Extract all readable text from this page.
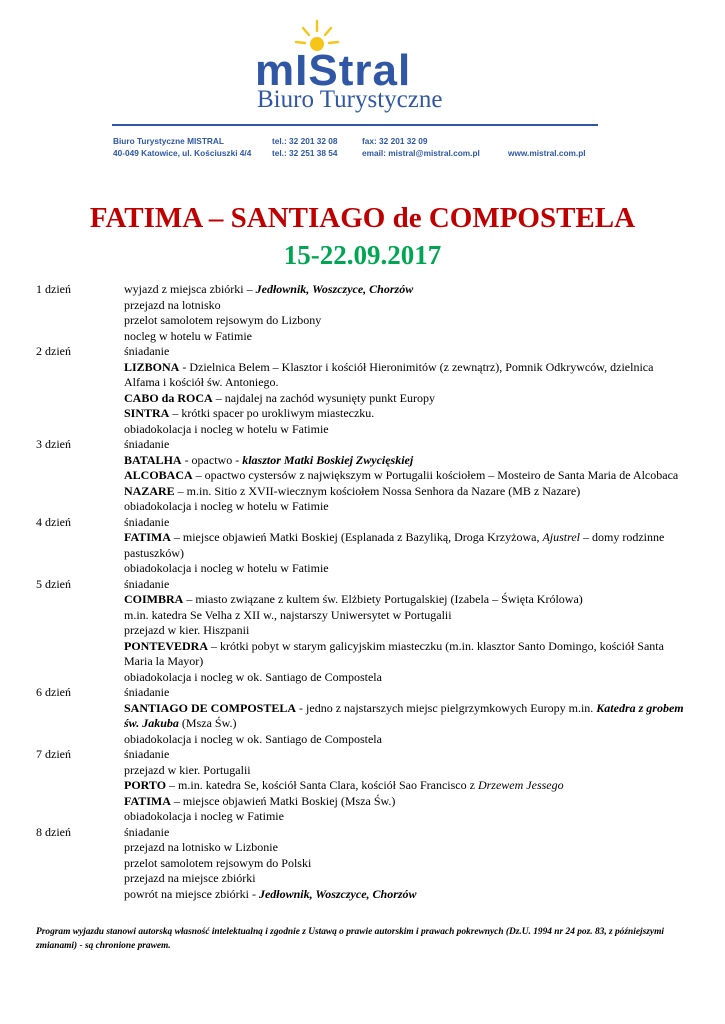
mIStral
Biuro Turystyczne
Biuro Turystyczne MISTRAL
40-049 Katowice, ul. Kościuszki 4/4
tel.: 32 201 32 08
tel.: 32 251 38 54
fax: 32 201 32 09
email: mistral@mistral.com.pl	www.mistral.com.pl
FATIMA – SANTIAGO de COMPOSTELA
15-22.09.2017
1 dzień	wyjazd z miejsca zbiórki – Jedłownik, Woszczyce, Chorzów
przejazd na lotnisko
przelot samolotem rejsowym do Lizbony
nocleg w hotelu w Fatimie
2 dzień	śniadanie
LIZBONA - Dzielnica Belem – Klasztor i kościół Hieronimitów (z zewnątrz), Pomnik Odkrywców, dzielnica Alfama i kościół św. Antoniego.
CABO da ROCA – najdalej na zachód wysunięty punkt Europy
SINTRA – krótki spacer po urokliwym miasteczku.
obiadokolacja i nocleg w hotelu w Fatimie
3 dzień	śniadanie
BATALHA - opactwo - klasztor Matki Boskiej Zwycięskiej
ALCOBACA – opactwo cystersów z największym w Portugalii kościołem – Mosteiro de Santa Maria de Alcobaca
NAZARE – m.in. Sitio z XVII-wiecznym kościołem Nossa Senhora da Nazare (MB z Nazare)
obiadokolacja i nocleg w hotelu w Fatimie
4 dzień	śniadanie
FATIMA – miejsce objawień Matki Boskiej (Esplanada z Bazyliką, Droga Krzyżowa, Ajustrel – domy rodzinne pastuszków)
obiadokolacja i nocleg w hotelu w Fatimie
5 dzień	śniadanie
COIMBRA – miasto związane z kultem św. Elżbiety Portugalskiej (Izabela – Święta Królowa)
m.in. katedra Se Velha z XII w., najstarszy Uniwersytet w Portugalii
przejazd w kier. Hiszpanii
PONTEVEDRA – krótki pobyt w starym galicyjskim miasteczku (m.in. klasztor Santo Domingo, kościół Santa Maria la Mayor)
obiadokolacja i nocleg w ok. Santiago de Compostela
6 dzień	śniadanie
SANTIAGO DE COMPOSTELA - jedno z najstarszych miejsc pielgrzymkowych Europy m.in. Katedra z grobem św. Jakuba (Msza Św.)
obiadokolacja i nocleg w ok. Santiago de Compostela
7 dzień	śniadanie
przejazd w kier. Portugalii
PORTO – m.in. katedra Se, kościół Santa Clara, kościół Sao Francisco z Drzewem Jessego
FATIMA – miejsce objawień Matki Boskiej (Msza Św.)
obiadokolacja i nocleg w Fatimie
8 dzień	śniadanie
przejazd na lotnisko w Lizbonie
przelot samolotem rejsowym do Polski
przejazd na miejsce zbiórki
powrót na miejsce zbiórki - Jedłownik, Woszczyce, Chorzów
Program wyjazdu stanowi autorską własność intelektualną i zgodnie z Ustawą o prawie autorskim i prawach pokrewnych (Dz.U. 1994 nr 24 poz. 83, z późniejszymi zmianami) - są chronione prawem.
